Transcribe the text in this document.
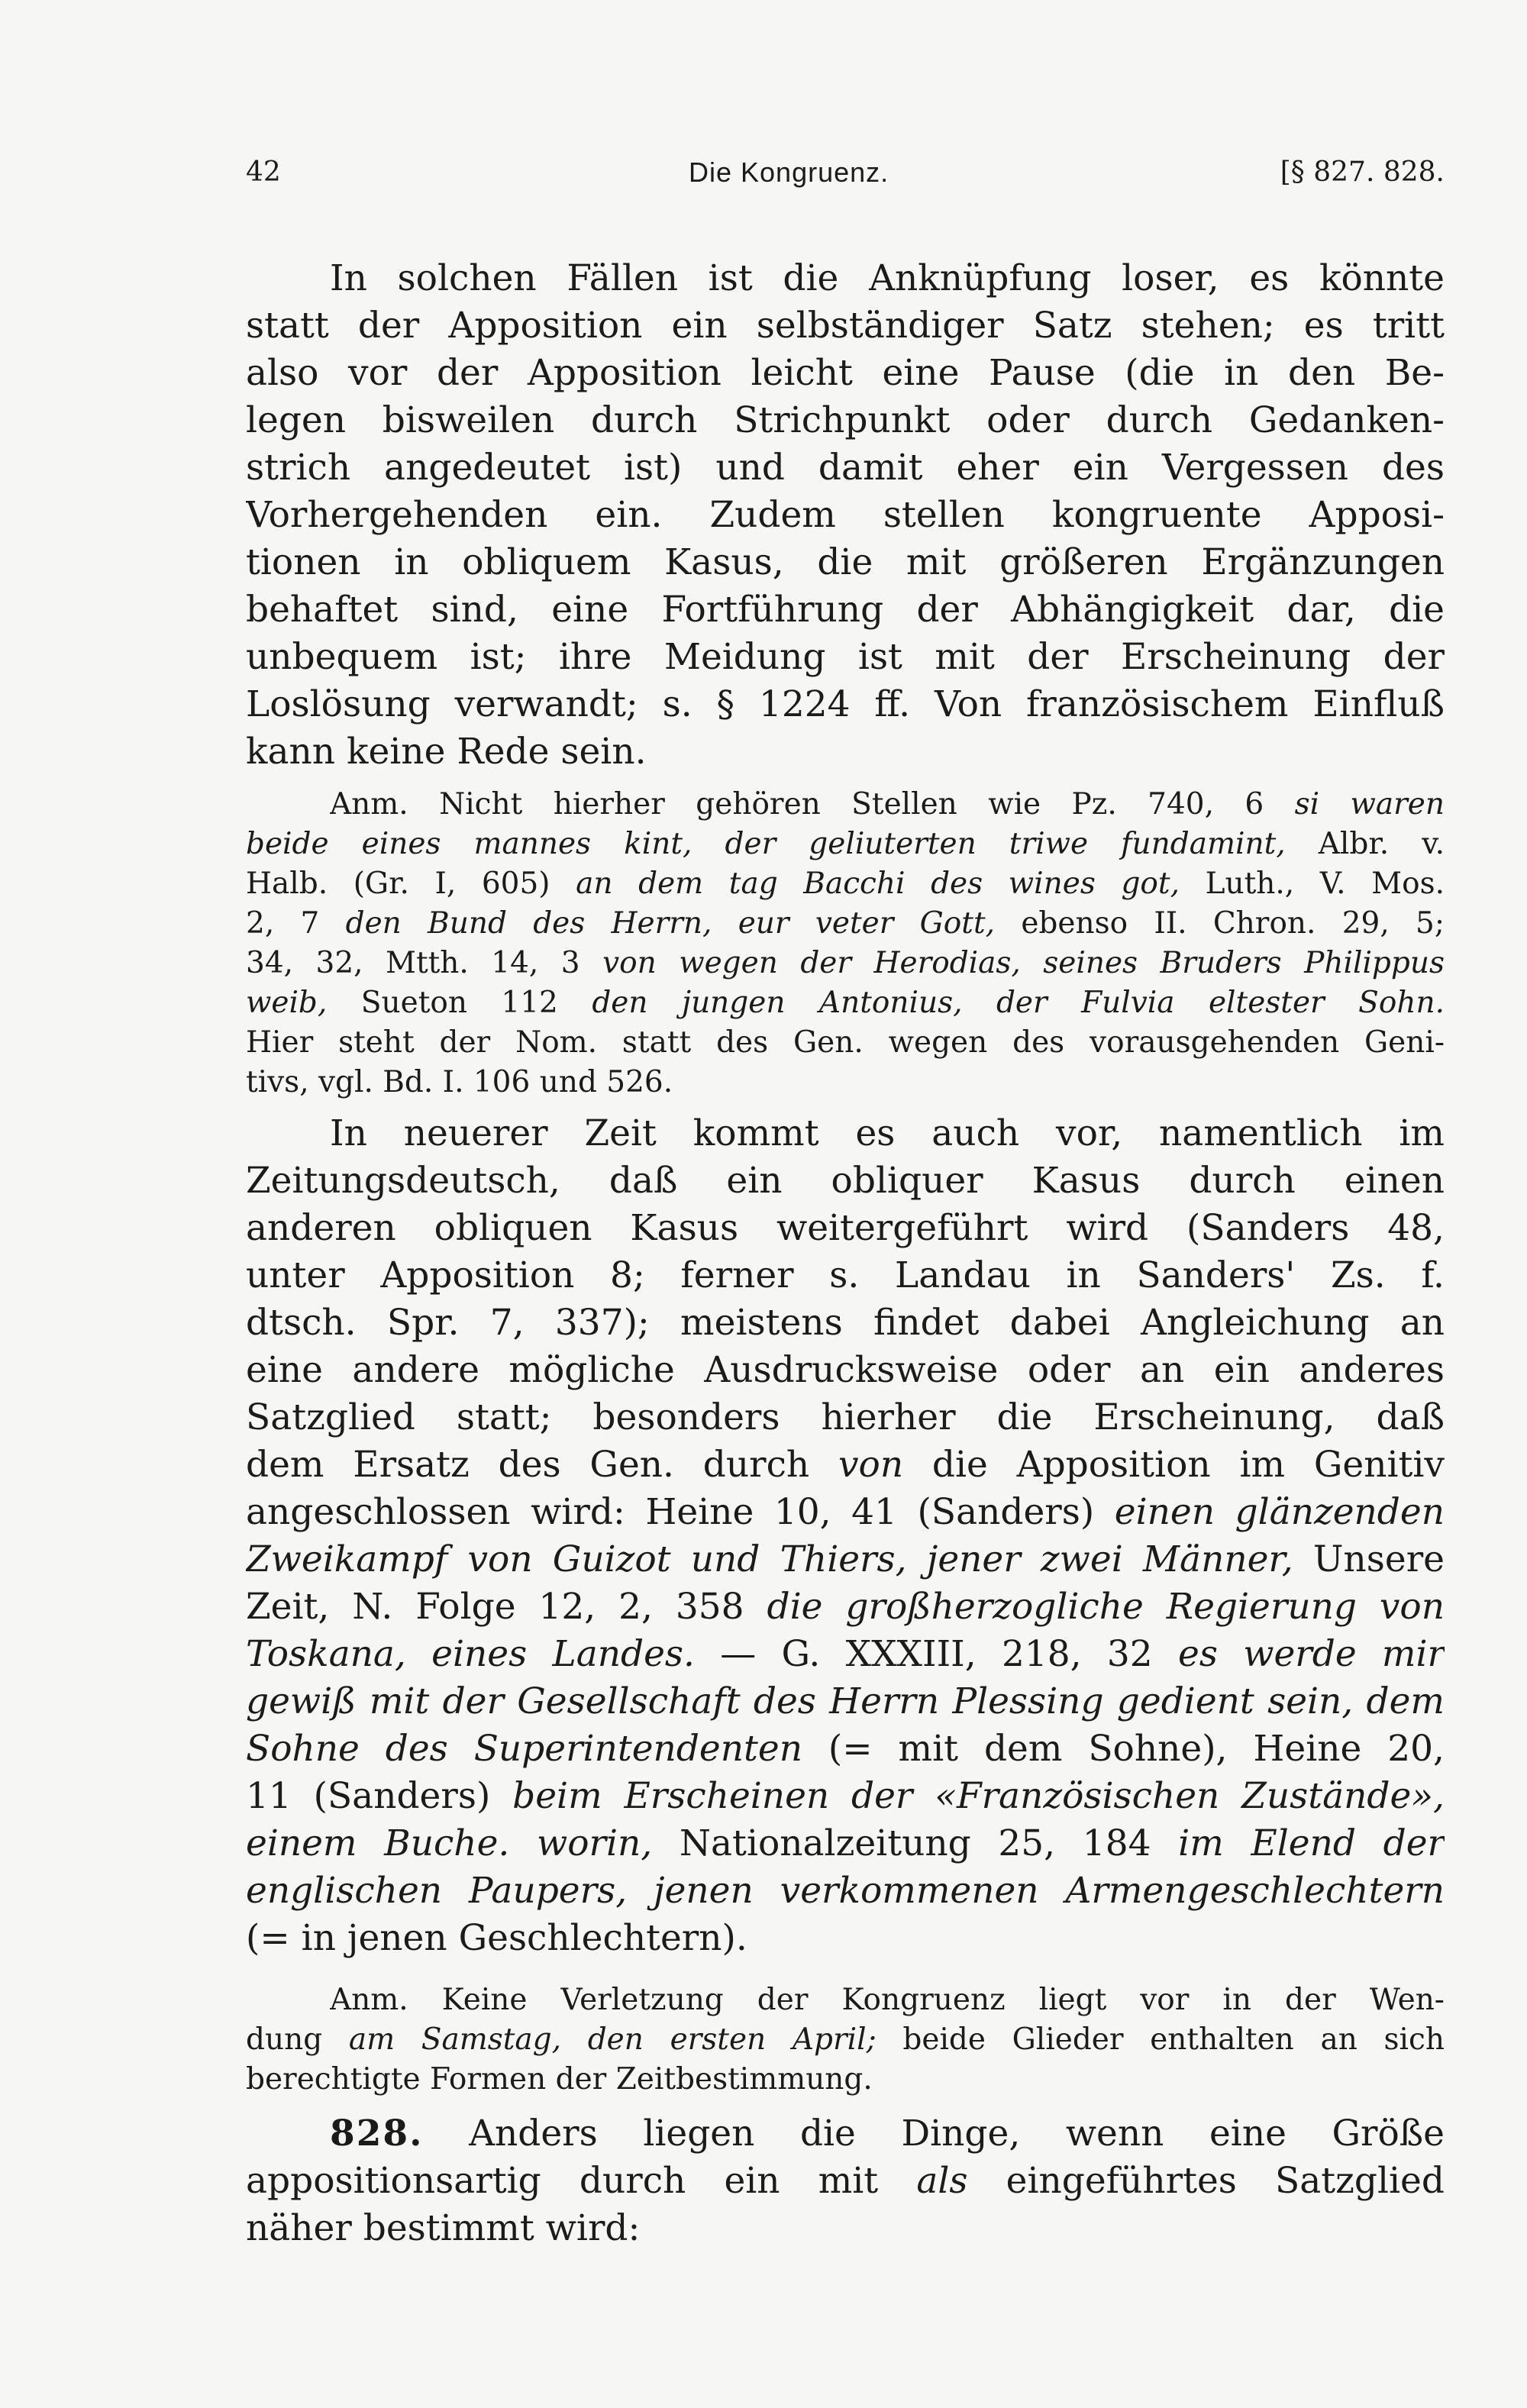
42	Die Kongruenz.	[§ 827. 828.
In solchen Fällen ist die Anknüpfung loser, es könnte
statt der Apposition ein selbständiger Satz stehen; es tritt
also vor der Apposition leicht eine Pause (die in den Be-
legen bisweilen durch Strichpunkt oder durch Gedanken-
strich angedeutet ist) und damit eher ein Vergessen des
Vorhergehenden ein. Zudem stellen kongruente Apposi-
tionen in obliquem Kasus, die mit größeren Ergänzungen
behaftet sind, eine Fortführung der Abhängigkeit dar, die
unbequem ist; ihre Meidung ist mit der Erscheinung der
Loslösung verwandt; s. § 1224 ff. Von französischem Einfluß
kann keine Rede sein.
Anm. Nicht hierher gehören Stellen wie Pz. 740, 6 si waren
beide eines mannes kint, der geliuterten triwe fundamint, Albr. v.
Halb. (Gr. I, 605) an dem tag Bacchi des wines got, Luth., V. Mos.
2, 7 den Bund des Herrn, eur veter Gott, ebenso II. Chron. 29, 5;
34, 32, Mtth. 14, 3 von wegen der Herodias, seines Bruders Philippus
weib, Sueton 112 den jungen Antonius, der Fulvia eltester Sohn.
Hier steht der Nom. statt des Gen. wegen des vorausgehenden Geni-
tivs, vgl. Bd. I. 106 und 526.
In neuerer Zeit kommt es auch vor, namentlich im
Zeitungsdeutsch, daß ein obliquer Kasus durch einen
anderen obliquen Kasus weitergeführt wird (Sanders 48,
unter Apposition 8; ferner s. Landau in Sanders' Zs. f.
dtsch. Spr. 7, 337); meistens findet dabei Angleichung an
eine andere mögliche Ausdrucksweise oder an ein anderes
Satzglied statt; besonders hierher die Erscheinung, daß
dem Ersatz des Gen. durch von die Apposition im Genitiv
angeschlossen wird: Heine 10, 41 (Sanders) einen glänzenden
Zweikampf von Guizot und Thiers, jener zwei Männer, Unsere
Zeit, N. Folge 12, 2, 358 die großherzogliche Regierung von
Toskana, eines Landes. — G. XXXIII, 218, 32 es werde mir
gewiß mit der Gesellschaft des Herrn Plessing gedient sein, dem
Sohne des Superintendenten (= mit dem Sohne), Heine 20,
11 (Sanders) beim Erscheinen der «Französischen Zustände»,
einem Buche. worin, Nationalzeitung 25, 184 im Elend der
englischen Paupers, jenen verkommenen Armengeschlechtern
(= in jenen Geschlechtern).
Anm. Keine Verletzung der Kongruenz liegt vor in der Wen-
dung am Samstag, den ersten April; beide Glieder enthalten an sich
berechtigte Formen der Zeitbestimmung.
828. Anders liegen die Dinge, wenn eine Größe
appositionsartig durch ein mit als eingeführtes Satzglied
näher bestimmt wird:
